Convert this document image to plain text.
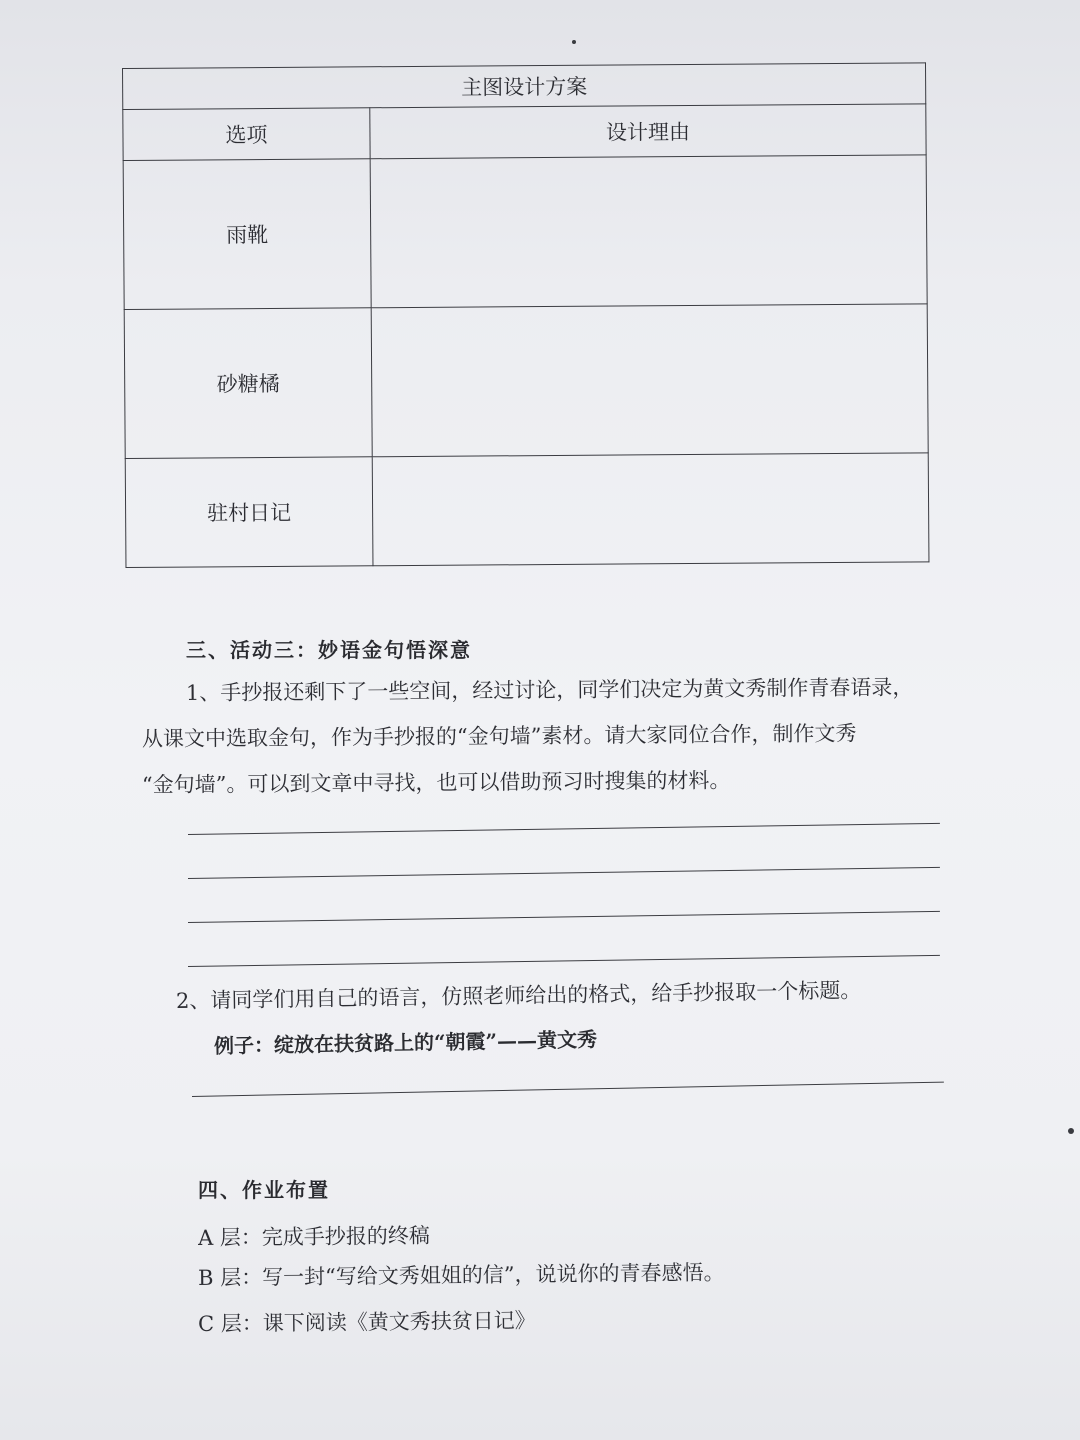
主图设计方案	
选项	设计理由
雨靴	
砂糖橘	
驻村日记	
三、活动三：妙语金句悟深意
1、手抄报还剩下了一些空间，经过讨论，同学们决定为黄文秀制作青春语录，
从课文中选取金句，作为手抄报的“金句墙”素材。请大家同位合作，制作文秀
“金句墙”。可以到文章中寻找，也可以借助预习时搜集的材料。
2、请同学们用自己的语言，仿照老师给出的格式，给手抄报取一个标题。
例子：绽放在扶贫路上的“朝霞”——黄文秀
四、作业布置
A 层：完成手抄报的终稿
B 层：写一封“写给文秀姐姐的信”，说说你的青春感悟。
C 层：课下阅读《黄文秀扶贫日记》
